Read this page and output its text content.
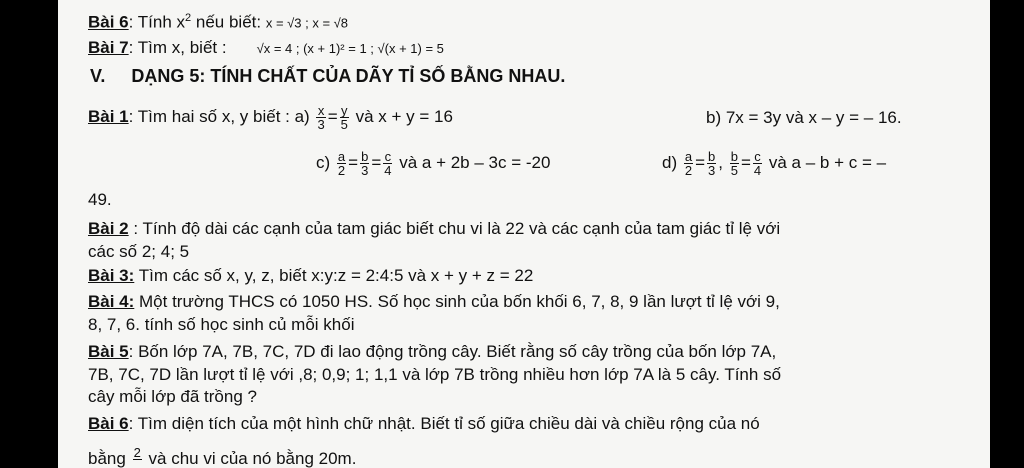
Bài 6: Tính $x^2$ nếu biết: x = √3 ; x = √8
Bài 7: Tìm x, biết : √x = 4 ; (x + 1)² = 1 ; √(x + 1) = 5
V. DẠNG 5: TÍNH CHẤT CỦA DÃY TỈ SỐ BẰNG NHAU.
Bài 1: Tìm hai số x, y biết : $a) \frac{x}{3} = \frac{y}{5}$ và x + y = 16	b) 7x = 3y và x – y = – 16.
$c) \frac{a}{2} = \frac{b}{3} = \frac{c}{4}$ và a + 2b – 3c = -20	$d) \frac{a}{2} = \frac{b}{3}$ , $\frac{b}{5} = \frac{c}{4}$ và a – b + c = –
49.
Bài 2 : Tính độ dài các cạnh của tam giác biết chu vi là 22 và các cạnh của tam giác tỉ lệ với
các số 2; 4; 5
Bài 3: Tìm các số x, y, z, biết x:y:z = 2:4:5 và x + y + z = 22
Bài 4: Một trường THCS có 1050 HS. Số học sinh của bốn khối 6, 7, 8, 9 lần lượt tỉ lệ với 9,
8, 7, 6. tính số học sinh củ mỗi khối
Bài 5: Bốn lớp 7A, 7B, 7C, 7D đi lao động trồng cây. Biết rằng số cây trồng của bốn lớp 7A,
7B, 7C, 7D lần lượt tỉ lệ với ,8; 0,9; 1; 1,1 và lớp 7B trồng nhiều hơn lớp 7A là 5 cây. Tính số
cây mỗi lớp đã trồng ?
Bài 6: Tìm diện tích của một hình chữ nhật. Biết tỉ số giữa chiều dài và chiều rộng của nó
bằng 2
và chu vi của nó bằng 20m.
